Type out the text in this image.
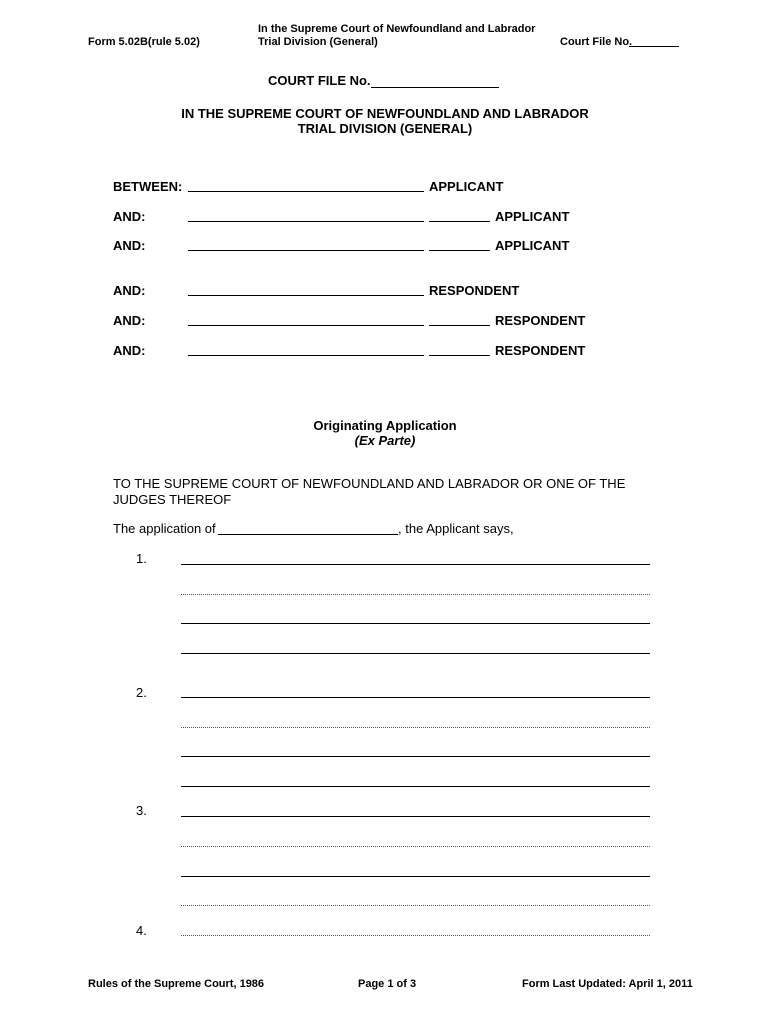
Form 5.02B(rule 5.02)
In the Supreme Court of Newfoundland and Labrador
Trial Division (General)	Court File No.
COURT FILE No.
IN THE SUPREME COURT OF NEWFOUNDLAND AND LABRADOR
TRIAL DIVISION (GENERAL)
BETWEEN:	APPLICANT
AND:	APPLICANT
AND:	APPLICANT
AND:	RESPONDENT
AND:	RESPONDENT
AND:	RESPONDENT
Originating Application
(Ex Parte)
TO THE SUPREME COURT OF NEWFOUNDLAND AND LABRADOR OR ONE OF THE
JUDGES THEREOF
The application of	, the Applicant says,
1.
2.
3.
4.
Rules of the Supreme Court, 1986	Page 1 of 3	Form Last Updated: April 1, 2011
